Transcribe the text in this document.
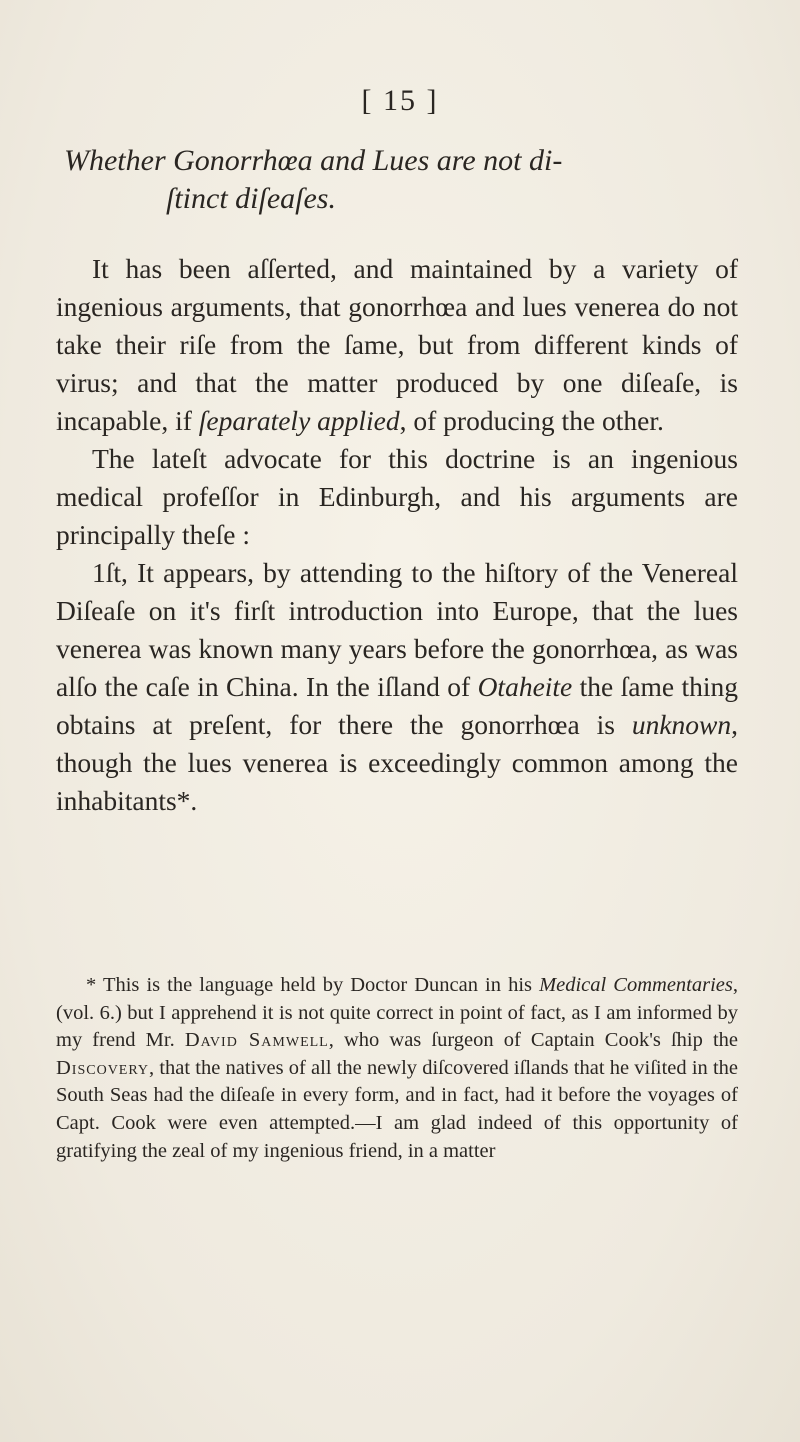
[ 15 ]
Whether Gonorrhœa and Lues are not di-
ſtinct diſeaſes.

It has been aſſerted, and maintained by a variety of ingenious arguments, that gonorrhœa and lues venerea do not take their riſe from the ſame, but from different kinds of virus; and that the matter produced by one diſeaſe, is incapable, if ſeparately applied, of producing the other.

The lateſt advocate for this doctrine is an ingenious medical profeſſor in Edinburgh, and his arguments are principally theſe :

1ſt, It appears, by attending to the hiſtory of the Venereal Diſeaſe on it's firſt introduction into Europe, that the lues venerea was known many years before the gonorrhœa, as was alſo the caſe in China. In the iſland of Otaheite the ſame thing obtains at preſent, for there the gonorrhœa is unknown, though the lues venerea is exceedingly common among the inhabitants*.

* This is the language held by Doctor Duncan in his Medical Commentaries, (vol. 6.) but I apprehend it is not quite correct in point of fact, as I am informed by my frend Mr. David Samwell, who was ſurgeon of Captain Cook's ſhip the Discovery, that the natives of all the newly diſcovered iſlands that he viſited in the South Seas had the diſeaſe in every form, and in fact, had it before the voyages of Capt. Cook were even attempted.—I am glad indeed of this opportunity of gratifying the zeal of my ingenious friend, in a matter
